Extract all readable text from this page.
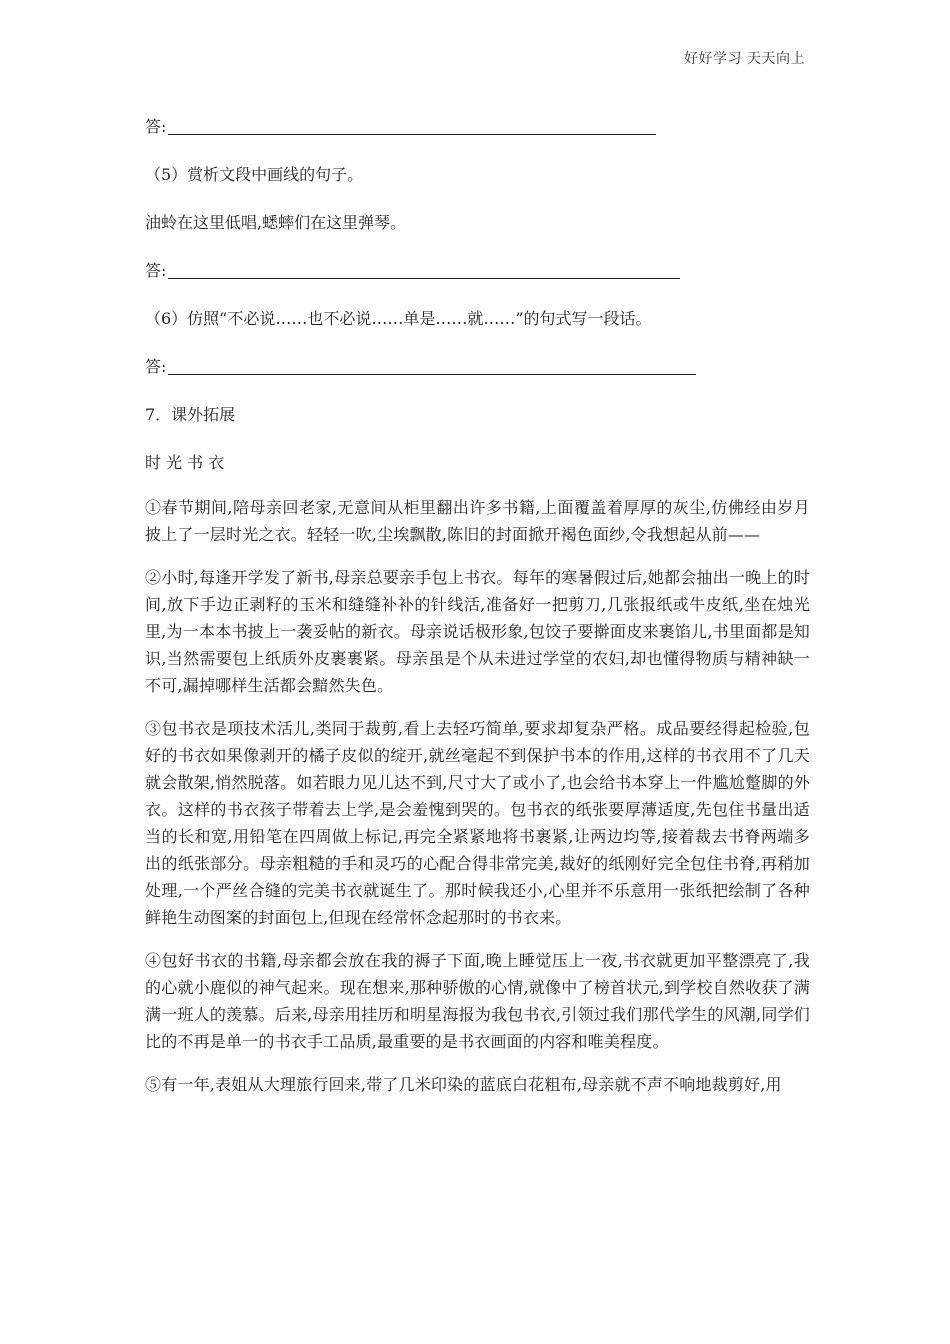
好好学习 天天向上
答:

（5）赏析文段中画线的句子。

油蛉在这里低唱,蟋蟀们在这里弹琴。

答:

（6）仿照“不必说……也不必说……单是……就……”的句式写一段话。

答:

7．课外拓展

时 光 书 衣

①春节期间,陪母亲回老家,无意间从柜里翻出许多书籍,上面覆盖着厚厚的灰尘,仿佛经由岁月披上了一层时光之衣。轻轻一吹,尘埃飘散,陈旧的封面掀开褐色面纱,令我想起从前——

②小时,每逢开学发了新书,母亲总要亲手包上书衣。每年的寒暑假过后,她都会抽出一晚上的时间,放下手边正剥籽的玉米和缝缝补补的针线活,准备好一把剪刀,几张报纸或牛皮纸,坐在烛光里,为一本本书披上一袭妥帖的新衣。母亲说话极形象,包饺子要擀面皮来裹馅儿,书里面都是知识,当然需要包上纸质外皮裹裹紧。母亲虽是个从未进过学堂的农妇,却也懂得物质与精神缺一不可,漏掉哪样生活都会黯然失色。

③包书衣是项技术活儿,类同于裁剪,看上去轻巧简单,要求却复杂严格。成品要经得起检验,包好的书衣如果像剥开的橘子皮似的绽开,就丝毫起不到保护书本的作用,这样的书衣用不了几天就会散架,悄然脱落。如若眼力见儿达不到,尺寸大了或小了,也会给书本穿上一件尴尬蹩脚的外衣。这样的书衣孩子带着去上学,是会羞愧到哭的。包书衣的纸张要厚薄适度,先包住书量出适当的长和宽,用铅笔在四周做上标记,再完全紧紧地将书裹紧,让两边均等,接着裁去书脊两端多出的纸张部分。母亲粗糙的手和灵巧的心配合得非常完美,裁好的纸刚好完全包住书脊,再稍加处理,一个严丝合缝的完美书衣就诞生了。那时候我还小,心里并不乐意用一张纸把绘制了各种鲜艳生动图案的封面包上,但现在经常怀念起那时的书衣来。

④包好书衣的书籍,母亲都会放在我的褥子下面,晚上睡觉压上一夜,书衣就更加平整漂亮了,我的心就小鹿似的神气起来。现在想来,那种骄傲的心情,就像中了榜首状元,到学校自然收获了满满一班人的羡慕。后来,母亲用挂历和明星海报为我包书衣,引领过我们那代学生的风潮,同学们比的不再是单一的书衣手工品质,最重要的是书衣画面的内容和唯美程度。

⑤有一年,表姐从大理旅行回来,带了几米印染的蓝底白花粗布,母亲就不声不响地裁剪好,用
